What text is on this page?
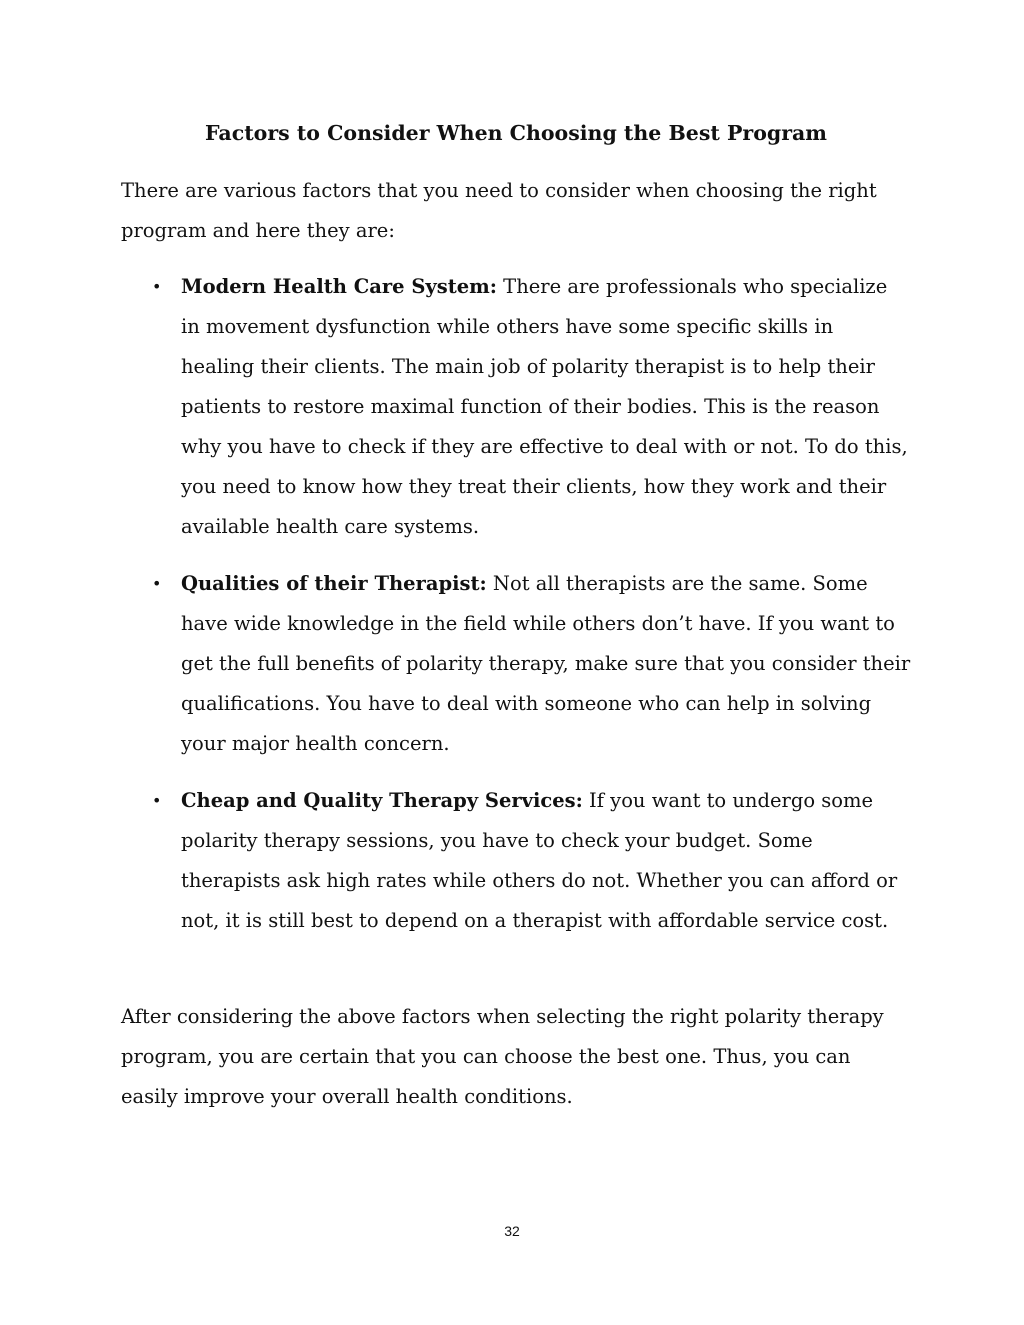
Factors to Consider When Choosing the Best Program

There are various factors that you need to consider when choosing the right program and here they are:

• Modern Health Care System: There are professionals who specialize in movement dysfunction while others have some specific skills in healing their clients. The main job of polarity therapist is to help their patients to restore maximal function of their bodies. This is the reason why you have to check if they are effective to deal with or not. To do this, you need to know how they treat their clients, how they work and their available health care systems.
• Qualities of their Therapist: Not all therapists are the same. Some have wide knowledge in the field while others don’t have. If you want to get the full benefits of polarity therapy, make sure that you consider their qualifications. You have to deal with someone who can help in solving your major health concern.
• Cheap and Quality Therapy Services: If you want to undergo some polarity therapy sessions, you have to check your budget. Some therapists ask high rates while others do not. Whether you can afford or not, it is still best to depend on a therapist with affordable service cost.

After considering the above factors when selecting the right polarity therapy program, you are certain that you can choose the best one. Thus, you can easily improve your overall health conditions.

32
